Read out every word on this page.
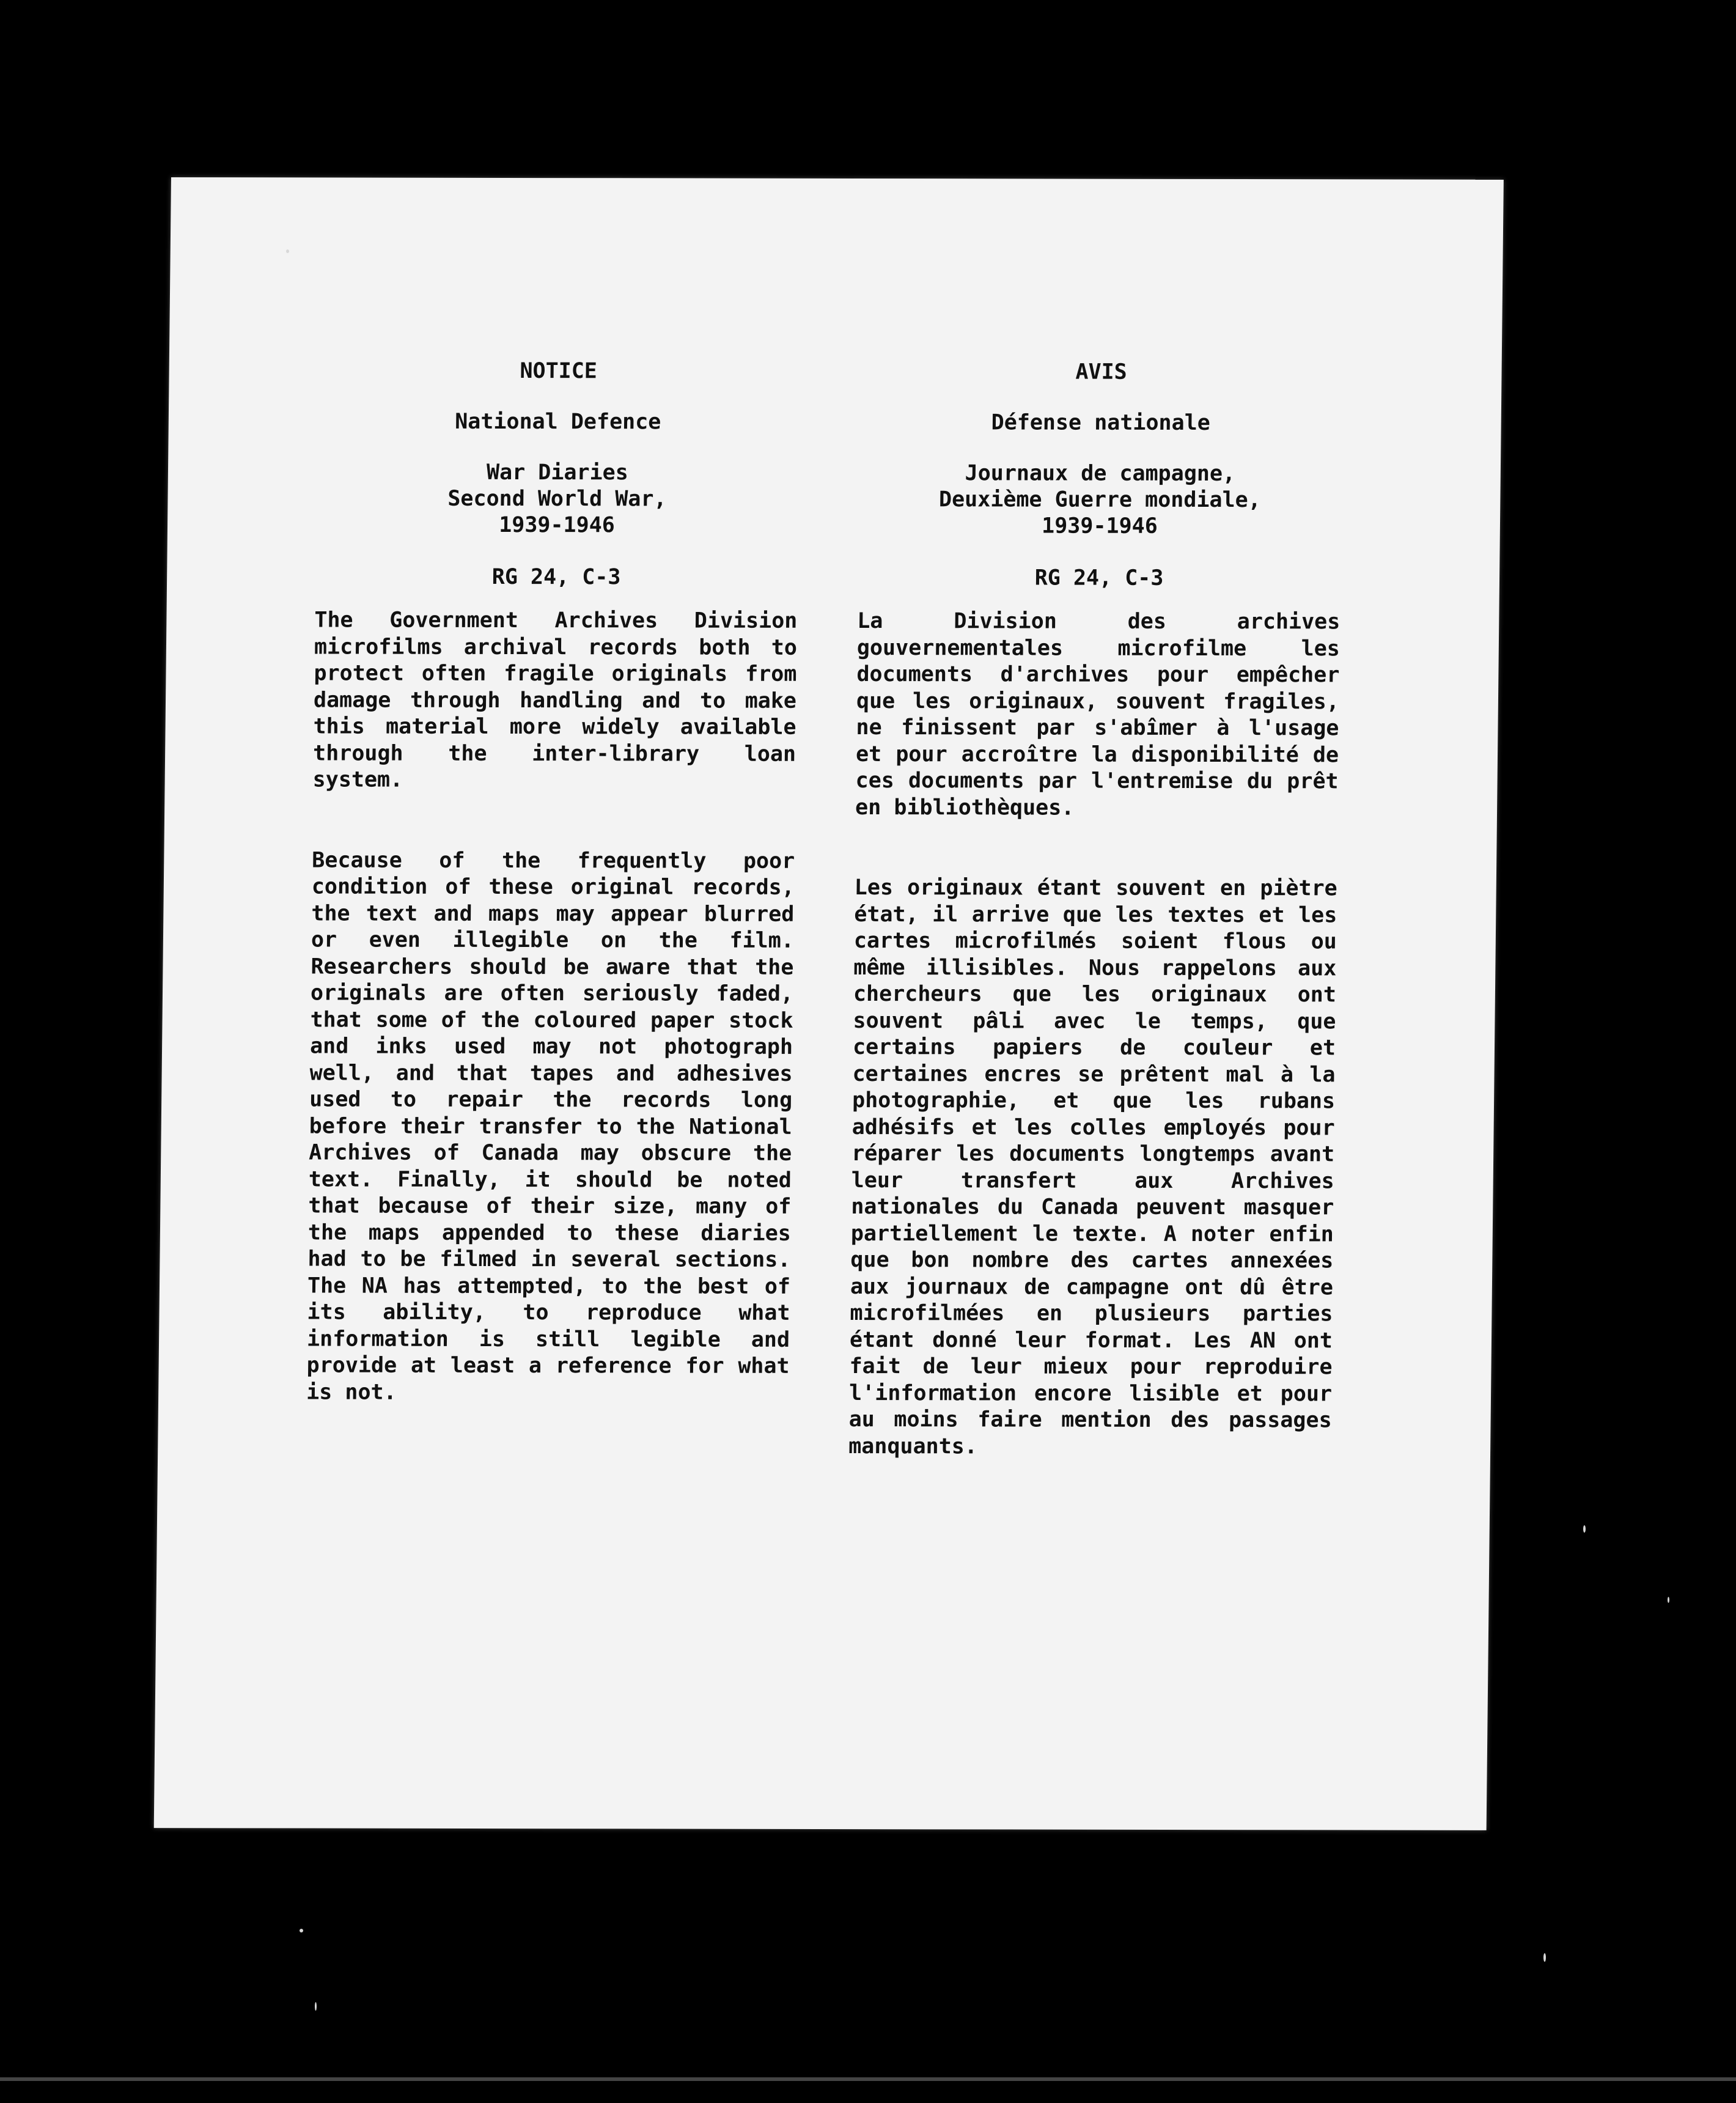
NOTICE

National Defence

War Diaries
Second World War,
1939-1946

RG 24, C-3

The Government Archives Division microfilms archival records both to protect often fragile originals from damage through handling and to make this material more widely available through the inter-library loan system.

Because of the frequently poor condition of these original records, the text and maps may appear blurred or even illegible on the film. Researchers should be aware that the originals are often seriously faded, that some of the coloured paper stock and inks used may not photograph well, and that tapes and adhesives used to repair the records long before their transfer to the National Archives of Canada may obscure the text. Finally, it should be noted that because of their size, many of the maps appended to these diaries had to be filmed in several sections. The NA has attempted, to the best of its ability, to reproduce what information is still legible and provide at least a reference for what is not.

AVIS

Défense nationale

Journaux de campagne,
Deuxième Guerre mondiale,
1939-1946

RG 24, C-3

La Division des archives gouvernementales microfilme les documents d'archives pour empêcher que les originaux, souvent fragiles, ne finissent par s'abîmer à l'usage et pour accroître la disponibilité de ces documents par l'entremise du prêt en bibliothèques.

Les originaux étant souvent en piètre état, il arrive que les textes et les cartes microfilmés soient flous ou même illisibles. Nous rappelons aux chercheurs que les originaux ont souvent pâli avec le temps, que certains papiers de couleur et certaines encres se prêtent mal à la photographie, et que les rubans adhésifs et les colles employés pour réparer les documents longtemps avant leur transfert aux Archives nationales du Canada peuvent masquer partiellement le texte. A noter enfin que bon nombre des cartes annexées aux journaux de campagne ont dû être microfilmées en plusieurs parties étant donné leur format. Les AN ont fait de leur mieux pour reproduire l'information encore lisible et pour au moins faire mention des passages manquants.
